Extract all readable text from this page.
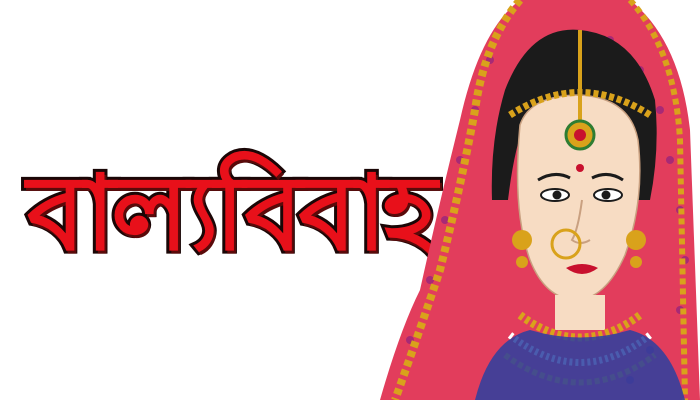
বাল্যবিবাহ
